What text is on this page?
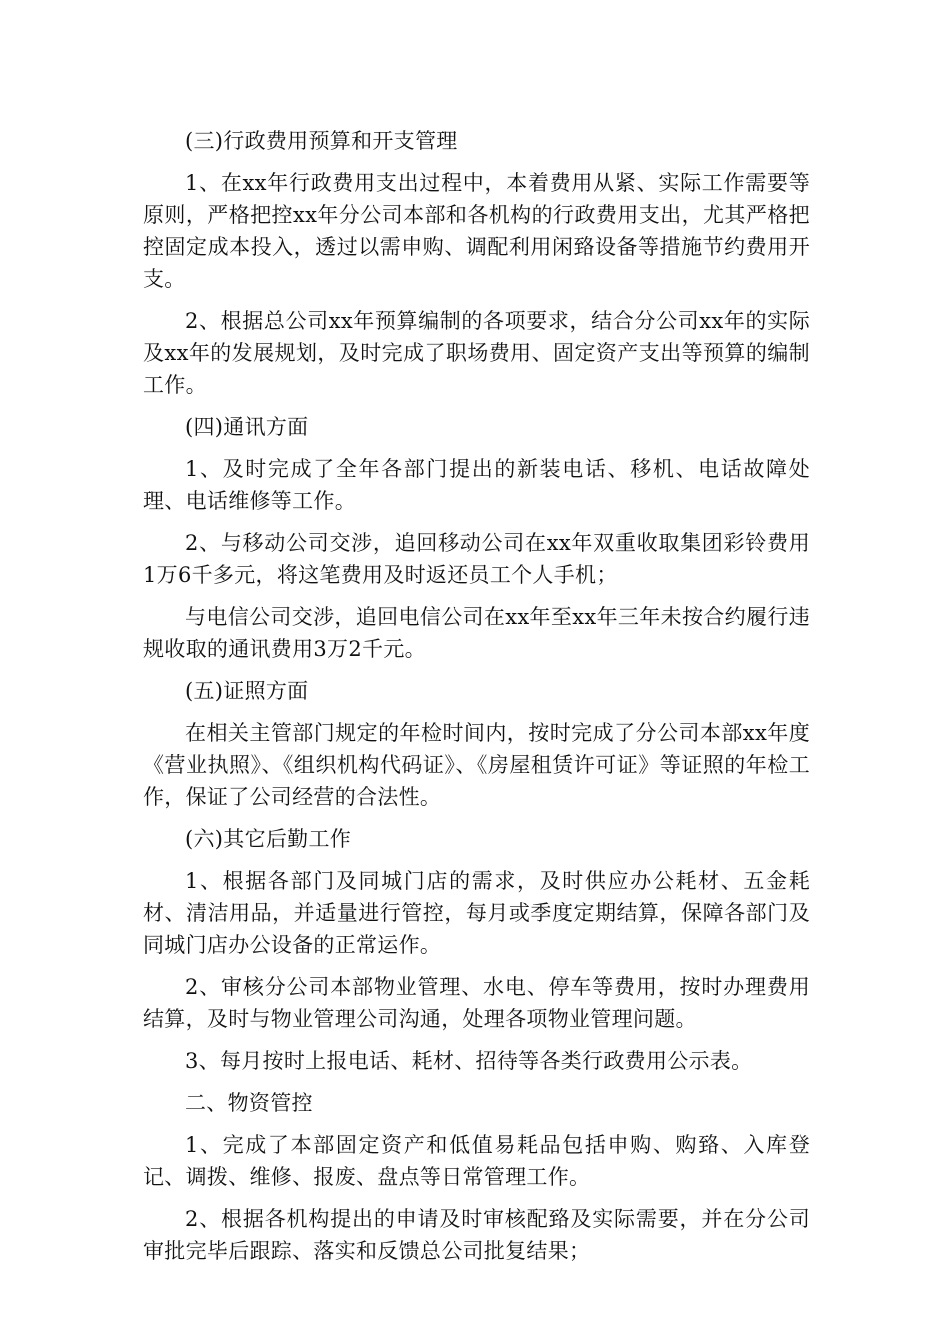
(三)行政费用预算和开支管理

1、在xx年行政费用支出过程中，本着费用从紧、实际工作需要等原则，严格把控xx年分公司本部和各机构的行政费用支出，尤其严格把控固定成本投入，透过以需申购、调配利用闲臵设备等措施节约费用开支。

2、根据总公司xx年预算编制的各项要求，结合分公司xx年的实际及xx年的发展规划，及时完成了职场费用、固定资产支出等预算的编制工作。

(四)通讯方面

1、及时完成了全年各部门提出的新装电话、移机、电话故障处理、电话维修等工作。

2、与移动公司交涉，追回移动公司在xx年双重收取集团彩铃费用1万6千多元，将这笔费用及时返还员工个人手机；

与电信公司交涉，追回电信公司在xx年至xx年三年未按合约履行违规收取的通讯费用3万2千元。

(五)证照方面

在相关主管部门规定的年检时间内，按时完成了分公司本部xx年度《营业执照》、《组织机构代码证》、《房屋租赁许可证》等证照的年检工作，保证了公司经营的合法性。

(六)其它后勤工作

1、根据各部门及同城门店的需求，及时供应办公耗材、五金耗材、清洁用品，并适量进行管控，每月或季度定期结算，保障各部门及同城门店办公设备的正常运作。

2、审核分公司本部物业管理、水电、停车等费用，按时办理费用结算，及时与物业管理公司沟通，处理各项物业管理问题。

3、每月按时上报电话、耗材、招待等各类行政费用公示表。

二、物资管控

1、完成了本部固定资产和低值易耗品包括申购、购臵、入库登记、调拨、维修、报废、盘点等日常管理工作。

2、根据各机构提出的申请及时审核配臵及实际需要，并在分公司审批完毕后跟踪、落实和反馈总公司批复结果；
